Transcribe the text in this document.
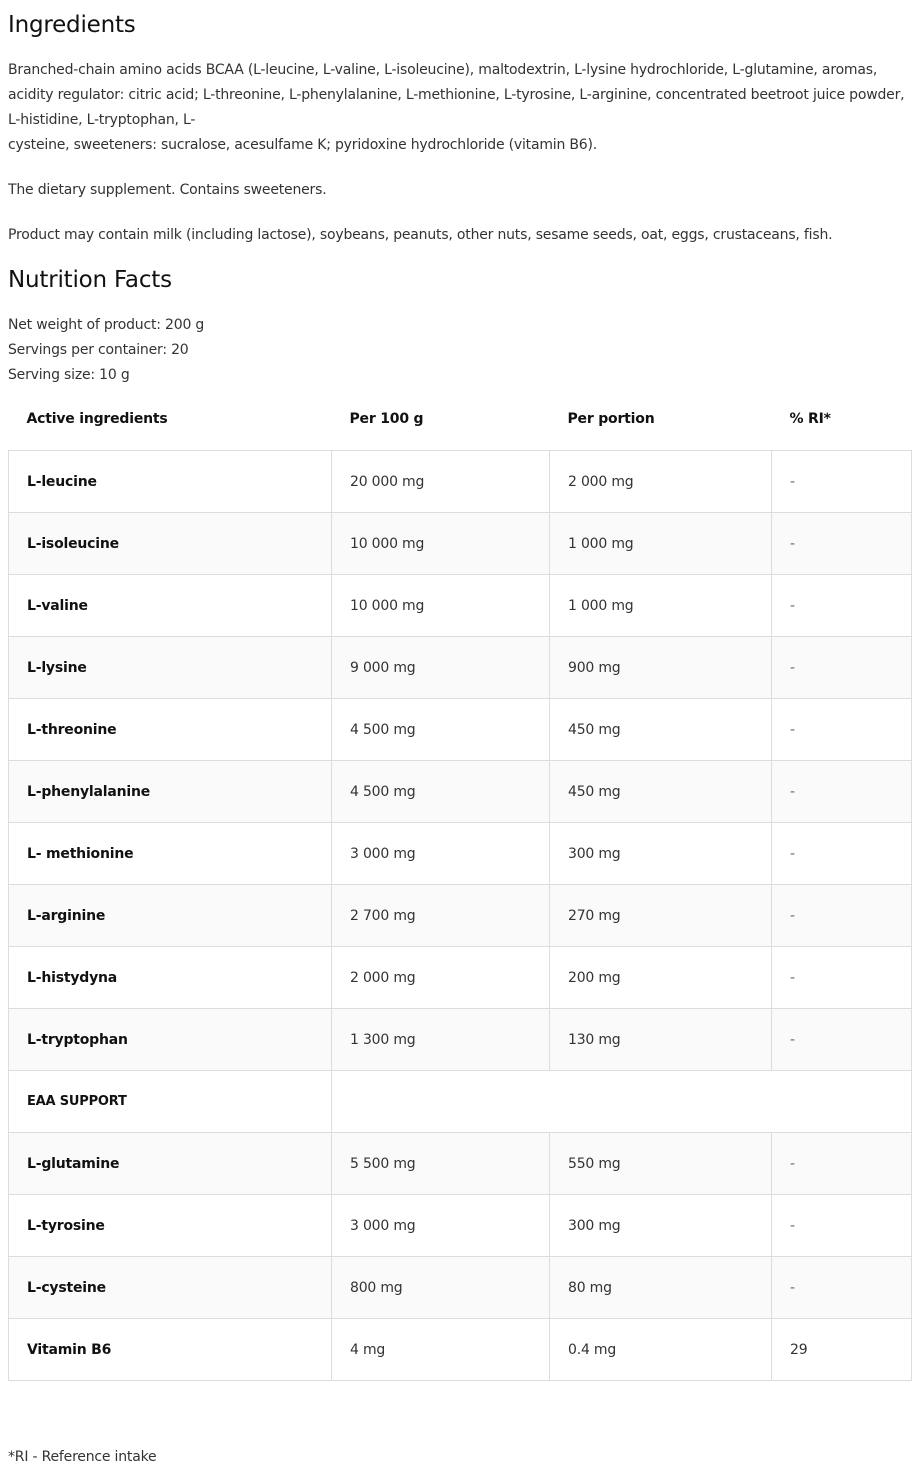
Ingredients

Branched-chain amino acids BCAA (L-leucine, L-valine, L-isoleucine), maltodextrin, L-lysine hydrochloride, L-glutamine, aromas, acidity regulator: citric acid; L-threonine, L-phenylalanine, L-methionine, L-tyrosine, L-arginine, concentrated beetroot juice powder, L-histidine, L-tryptophan, L-
cysteine, sweeteners: sucralose, acesulfame K; pyridoxine hydrochloride (vitamin B6).

The dietary supplement. Contains sweeteners.

Product may contain milk (including lactose), soybeans, peanuts, other nuts, sesame seeds, oat, eggs, crustaceans, fish.

Nutrition Facts
Net weight of product: 200 g
Servings per container: 20
Serving size: 10 g
Active ingredients	Per 100 g	Per portion	% RI*
L-leucine	20 000 mg	2 000 mg	-
L-isoleucine	10 000 mg	1 000 mg	-
L-valine	10 000 mg	1 000 mg	-
L-lysine	9 000 mg	900 mg	-
L-threonine	4 500 mg	450 mg	-
L-phenylalanine	4 500 mg	450 mg	-
L- methionine	3 000 mg	300 mg	-
L-arginine	2 700 mg	270 mg	-
L-histydyna	2 000 mg	200 mg	-
L-tryptophan	1 300 mg	130 mg	-
EAA SUPPORT			
L-glutamine	5 500 mg	550 mg	-
L-tyrosine	3 000 mg	300 mg	-
L-cysteine	800 mg	80 mg	-
Vitamin B6	4 mg	0.4 mg	29
*RI - Reference intake
